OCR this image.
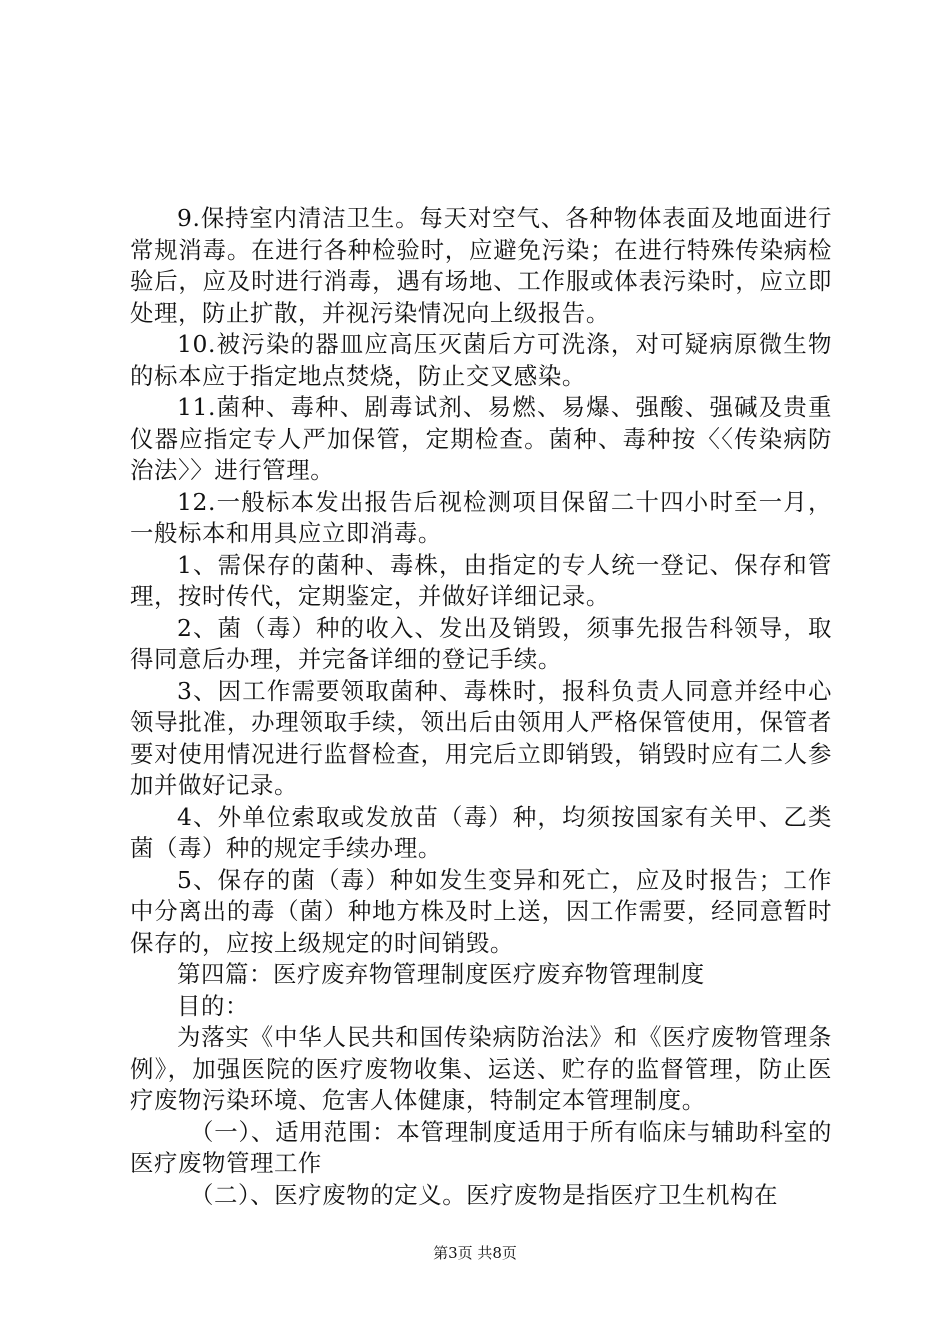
9.保持室内清洁卫生。每天对空气、各种物体表面及地面进行常规消毒。在进行各种检验时，应避免污染；在进行特殊传染病检验后，应及时进行消毒，遇有场地、工作服或体表污染时，应立即处理，防止扩散，并视污染情况向上级报告。

10.被污染的器皿应高压灭菌后方可洗涤，对可疑病原微生物的标本应于指定地点焚烧，防止交叉感染。

11.菌种、毒种、剧毒试剂、易燃、易爆、强酸、强碱及贵重仪器应指定专人严加保管，定期检查。菌种、毒种按〈〈传染病防治法〉〉进行管理。

12.一般标本发出报告后视检测项目保留二十四小时至一月，一般标本和用具应立即消毒。

1、需保存的菌种、毒株，由指定的专人统一登记、保存和管理，按时传代，定期鉴定，并做好详细记录。

2、菌（毒）种的收入、发出及销毁，须事先报告科领导，取得同意后办理，并完备详细的登记手续。

3、因工作需要领取菌种、毒株时，报科负责人同意并经中心领导批准，办理领取手续，领出后由领用人严格保管使用，保管者要对使用情况进行监督检查，用完后立即销毁，销毁时应有二人参加并做好记录。

4、外单位索取或发放苗（毒）种，均须按国家有关甲、乙类菌（毒）种的规定手续办理。

5、保存的菌（毒）种如发生变异和死亡，应及时报告；工作中分离出的毒（菌）种地方株及时上送，因工作需要，经同意暂时保存的，应按上级规定的时间销毁。

第四篇：医疗废弃物管理制度医疗废弃物管理制度

目的：

为落实《中华人民共和国传染病防治法》和《医疗废物管理条例》，加强医院的医疗废物收集、运送、贮存的监督管理，防止医疗废物污染环境、危害人体健康，特制定本管理制度。

（一）、适用范围：本管理制度适用于所有临床与辅助科室的医疗废物管理工作

（二）、医疗废物的定义。医疗废物是指医疗卫生机构在

第3页 共8页
